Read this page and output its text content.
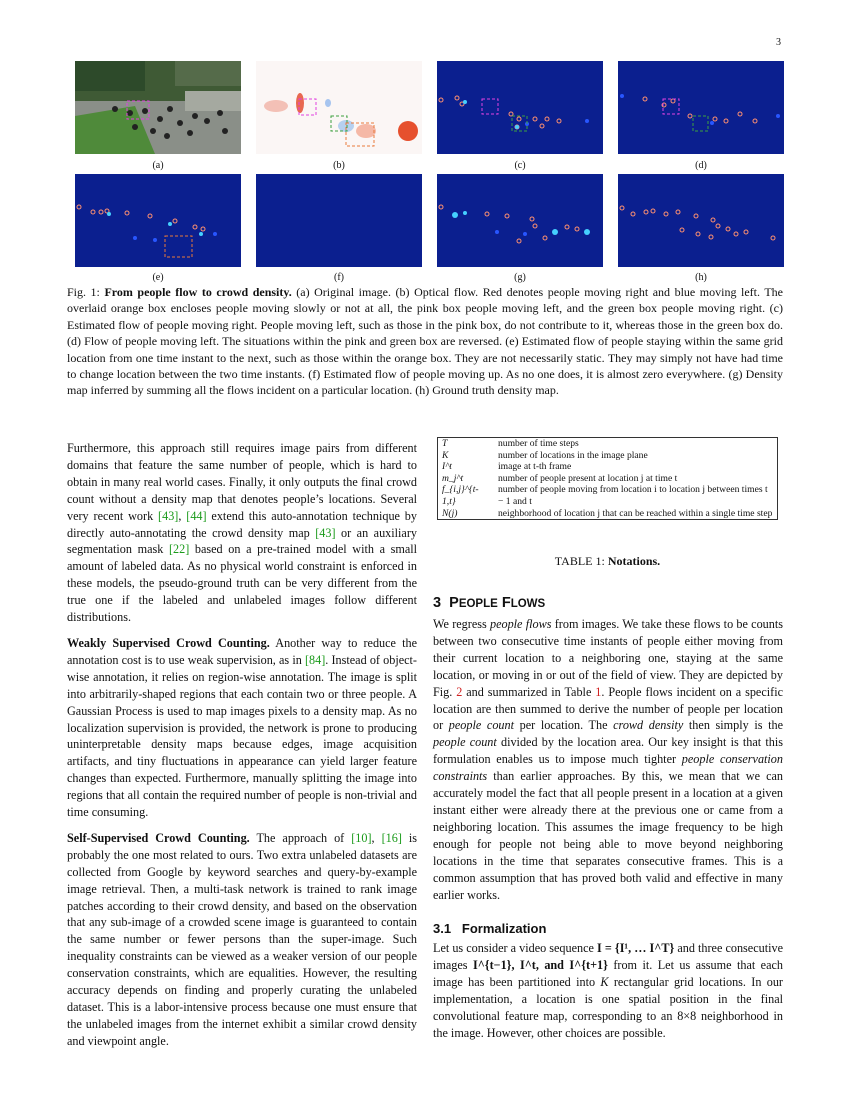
3
(a)	(b)	(c)	(d)
(e)	(f)	(g)	(h)
Fig. 1: From people flow to crowd density. (a) Original image. (b) Optical flow. Red denotes people moving right and blue moving left. The overlaid orange box encloses people moving slowly or not at all, the pink box people moving left, and the green box people moving right. (c) Estimated flow of people moving right. People moving left, such as those in the pink box, do not contribute to it, whereas those in the green box do. (d) Flow of people moving left. The situations within the pink and green box are reversed. (e) Estimated flow of people staying within the same grid location from one time instant to the next, such as those within the orange box. They are not necessarily static. They may simply not have had time to change location between the two time instants. (f) Estimated flow of people moving up. As no one does, it is almost zero everywhere. (g) Density map inferred by summing all the flows incident on a particular location. (h) Ground truth density map.

Furthermore, this approach still requires image pairs from different domains that feature the same number of people, which is hard to obtain in many real world cases. Finally, it only outputs the final crowd count without a density map that denotes people’s locations. Several very recent work [43], [44] extend this auto-annotation technique by directly auto-annotating the crowd density map [43] or an auxiliary segmentation mask [22] based on a pre-trained model with a small amount of labeled data. As no physical world constraint is enforced in these models, the pseudo-ground truth can be very different from the true one if the labeled and unlabeled images follow different distributions.

Weakly Supervised Crowd Counting. Another way to reduce the annotation cost is to use weak supervision, as in [84]. Instead of object-wise annotation, it relies on region-wise annotation. The image is split into arbitrarily-shaped regions that each contain two or three people. A Gaussian Process is used to map images pixels to a density map. As no localization supervision is provided, the network is prone to producing uninterpretable density maps because edges, image acquisition artifacts, and tiny fluctuations in appearance can yield larger feature changes than expected. Furthermore, manually splitting the image into regions that all contain the required number of people is non-trivial and time consuming.

Self-Supervised Crowd Counting. The approach of [10], [16] is probably the one most related to ours. Two extra unlabeled datasets are collected from Google by keyword searches and query-by-example image retrieval. Then, a multi-task network is trained to rank image patches according to their crowd density, and based on the observation that any sub-image of a crowded scene image is guaranteed to contain the same number or fewer persons than the super-image. Such inequality constraints can be viewed as a weaker version of our people conservation constraints, which are equalities. However, the resulting accuracy depends on finding and properly curating the unlabeled dataset. This is a labor-intensive process because one must ensure that the unlabeled images from the internet exhibit a similar crowd density and viewpoint angle.

T	number of time steps
K	number of locations in the image plane
I^t	image at t-th frame
m_j^t	number of people present at location j at time t
f_{i,j}^{t-1,t}	number of people moving from location i to location j between times t − 1 and t
N(j)	neighborhood of location j that can be reached within a single time step
TABLE 1: Notations.
3 PEOPLE FLOWS

We regress people flows from images. We take these flows to be counts between two consecutive time instants of people either moving from their current location to a neighboring one, staying at the same location, or moving in or out of the field of view. They are depicted by Fig. 2 and summarized in Table 1. People flows incident on a specific location are then summed to derive the number of people per location or people count per location. The crowd density then simply is the people count divided by the location area. Our key insight is that this formulation enables us to impose much tighter people conservation constraints than earlier approaches. By this, we mean that we can accurately model the fact that all people present in a location at a given instant either were already there at the previous one or came from a neighboring location. This assumes the image frequency to be high enough for people not being able to move beyond neighboring locations in the time that separates consecutive frames. This is a common assumption that has proved both valid and effective in many earlier works.

3.1 Formalization

Let us consider a video sequence I = {I¹, … I^T} and three consecutive images I^{t−1}, I^t, and I^{t+1} from it. Let us assume that each image has been partitioned into K rectangular grid locations. In our implementation, a location is one spatial position in the final convolutional feature map, corresponding to an 8×8 neighborhood in the image. However, other choices are possible.
